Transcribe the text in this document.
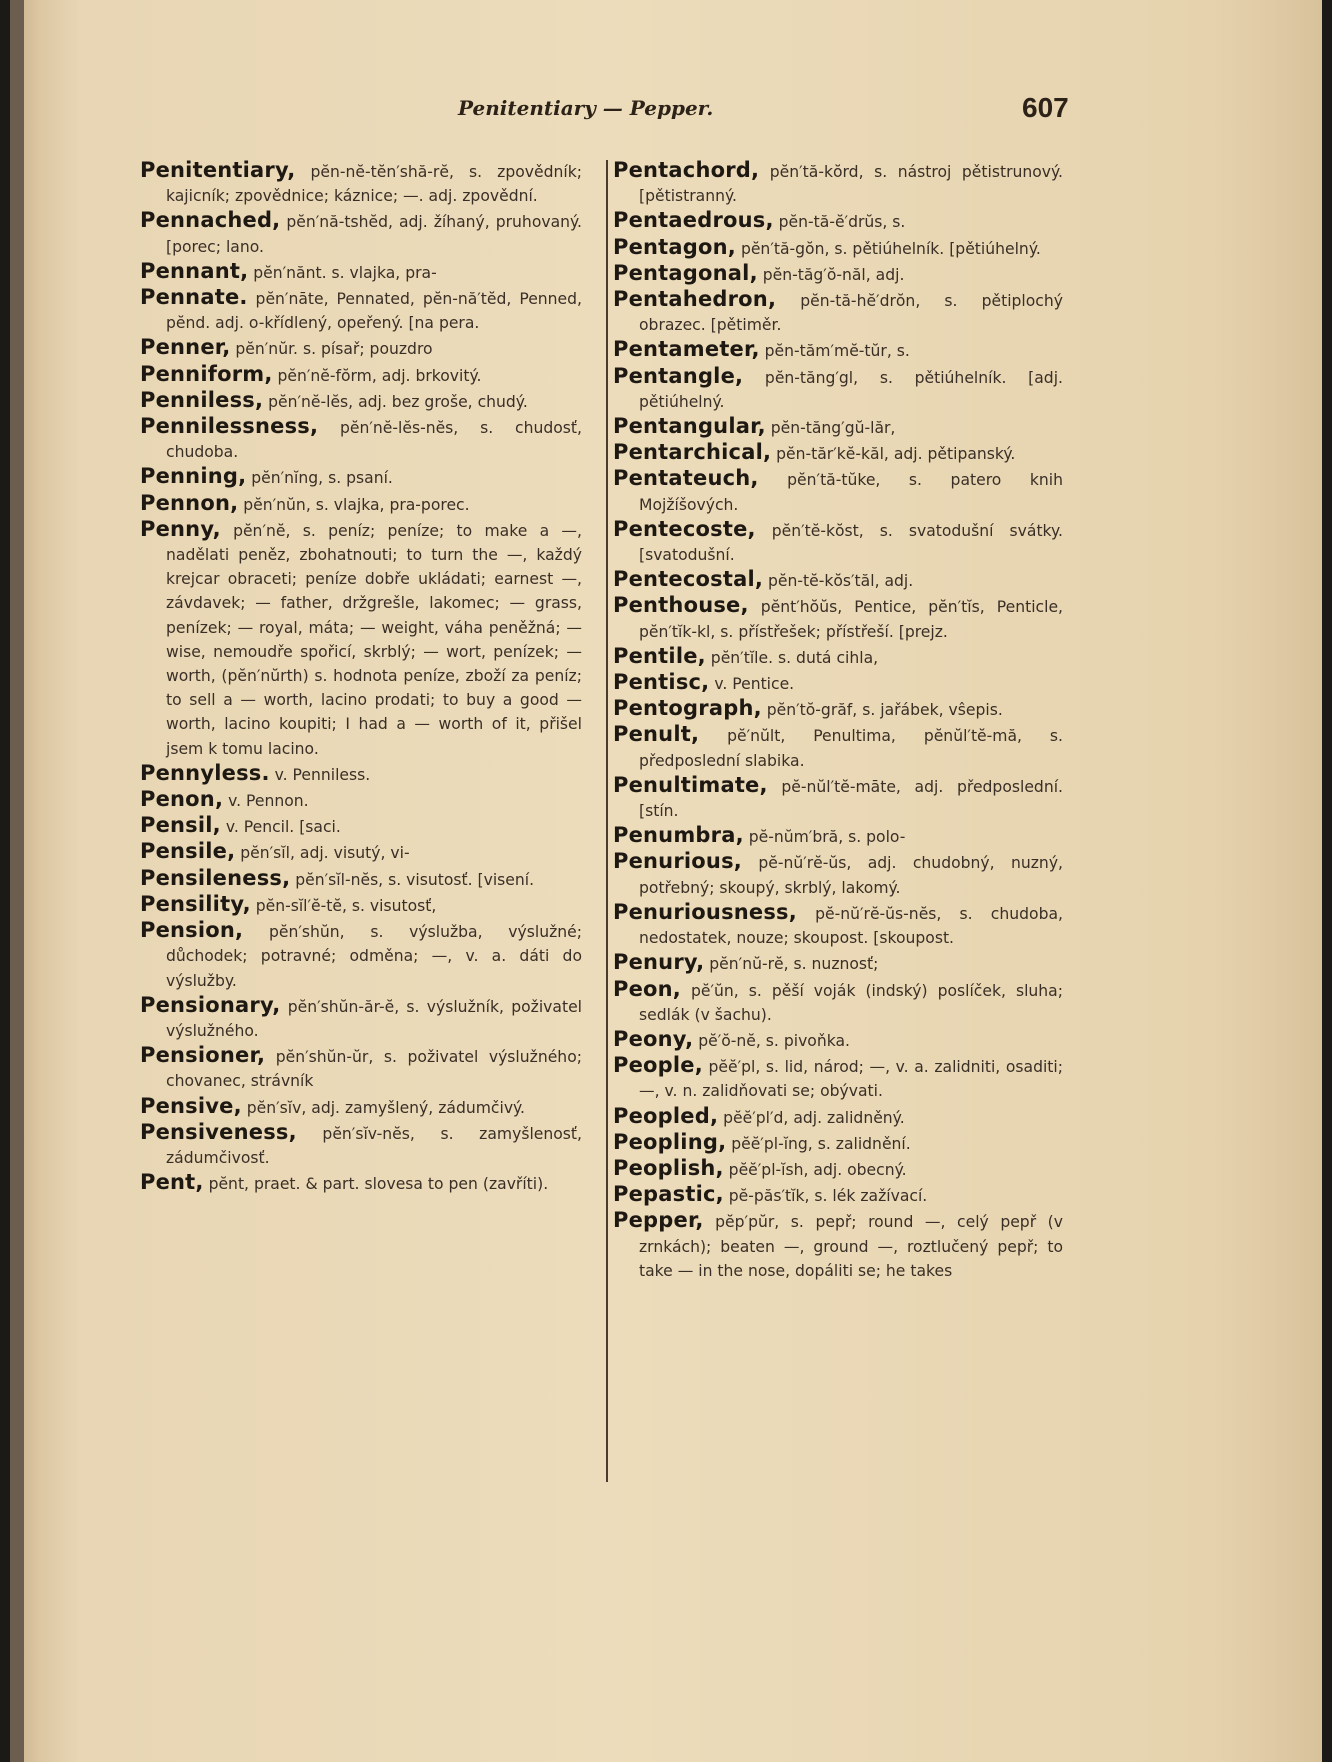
Penitentiary — Pepper.	607

Penitentiary, pĕn-nĕ-tĕn′shă-rĕ, s. zpovědník; kajicník; zpovědnice; káznice; —. adj. zpovědní.

Pennached, pĕn′nă-tshĕd, adj. žíhaný, pruhovaný. [porec; lano.

Pennant, pĕn′nănt. s. vlajka, pra-

Pennate. pĕn′nāte, Pennated, pĕn-nă′tĕd, Penned, pĕnd. adj. o-křídlený, opeřený. [na pera.

Penner, pĕn′nŭr. s. písař; pouzdro

Penniform, pĕn′nĕ-fŏrm, adj. brkovitý.

Penniless, pĕn′nĕ-lĕs, adj. bez groše, chudý.

Pennilessness, pĕn′nĕ-lĕs-nĕs, s. chudosť, chudoba.

Penning, pĕn′nĭng, s. psaní.

Pennon, pĕn′nŭn, s. vlajka, pra-porec.

Penny, pĕn′nĕ, s. peníz; peníze; to make a —, nadělati peněz, zbohatnouti; to turn the —, každý krejcar obraceti; peníze dobře ukládati; earnest —, závdavek; — father, držgrešle, lakomec; — grass, penízek; — royal, máta; — weight, váha peněžná; — wise, nemoudře spořicí, skrblý; — wort, penízek; — worth, (pĕn′nŭrth) s. hodnota peníze, zboží za peníz; to sell a — worth, lacino prodati; to buy a good — worth, lacino koupiti; I had a — worth of it, přišel jsem k tomu lacino.

Pennyless. v. Penniless.

Penon, v. Pennon.

Pensil, v. Pencil. [saci.

Pensile, pĕn′sĭl, adj. visutý, vi-

Pensileness, pĕn′sĭl-nĕs, s. visutosť. [visení.

Pensility, pĕn-sĭl′ĕ-tĕ, s. visutosť,

Pension, pĕn′shŭn, s. výslužba, výslužné; důchodek; potravné; odměna; —, v. a. dáti do výslužby.

Pensionary, pĕn′shŭn-ăr-ĕ, s. výslužník, poživatel výslužného.

Pensioner, pĕn′shŭn-ŭr, s. poživatel výslužného; chovanec, strávník

Pensive, pĕn′sĭv, adj. zamyšlený, zádumčivý.

Pensiveness, pĕn′sĭv-nĕs, s. zamyšlenosť, zádumčivosť.

Pent, pĕnt, praet. & part. slovesa to pen (zavříti).

Pentachord, pĕn′tă-kŏrd, s. nástroj pětistrunový. [pětistranný.

Pentaedrous, pĕn-tă-ĕ′drŭs, s.

Pentagon, pĕn′tă-gŏn, s. pětiúhelník. [pětiúhelný.

Pentagonal, pĕn-tăg′ŏ-năl, adj.

Pentahedron, pĕn-tă-hĕ′drŏn, s. pětiplochý obrazec. [pětiměr.

Pentameter, pĕn-tăm′mĕ-tŭr, s.

Pentangle, pĕn-tăng′gl, s. pětiúhelník. [adj. pětiúhelný.

Pentangular, pĕn-tăng′gŭ-lăr,

Pentarchical, pĕn-tăr′kĕ-kăl, adj. pětipanský.

Pentateuch, pĕn′tă-tŭke, s. patero knih Mojžíšových.

Pentecoste, pĕn′tĕ-kŏst, s. svatodušní svátky. [svatodušní.

Pentecostal, pĕn-tĕ-kŏs′tăl, adj.

Penthouse, pĕnt′hŏŭs, Pentice, pĕn′tĭs, Penticle, pĕn′tĭk-kl, s. přístřešek; přístřeší. [prejz.

Pentile, pĕn′tĭle. s. dutá cihla,

Pentisc, v. Pentice.

Pentograph, pĕn′tŏ-grăf, s. jařábek, vŝepis.

Penult, pĕ′nŭlt, Penultima, pĕnŭl′tĕ-mă, s. předposlední slabika.

Penultimate, pĕ-nŭl′tĕ-māte, adj. předposlední. [stín.

Penumbra, pĕ-nŭm′bră, s. polo-

Penurious, pĕ-nŭ′rĕ-ŭs, adj. chudobný, nuzný, potřebný; skoupý, skrblý, lakomý.

Penuriousness, pĕ-nŭ′rĕ-ŭs-nĕs, s. chudoba, nedostatek, nouze; skoupost. [skoupost.

Penury, pĕn′nŭ-rĕ, s. nuznosť;

Peon, pĕ′ŭn, s. pěší voják (indský) poslíček, sluha; sedlák (v šachu).

Peony, pĕ′ŏ-nĕ, s. pivoňka.

People, pĕĕ′pl, s. lid, národ; —, v. a. zalidniti, osaditi; —, v. n. zalidňovati se; obývati.

Peopled, pĕĕ′pl′d, adj. zalidněný.

Peopling, pĕĕ′pl-ĭng, s. zalidnění.

Peoplish, pĕĕ′pl-ĭsh, adj. obecný.

Pepastic, pĕ-păs′tĭk, s. lék zažívací.

Pepper, pĕp′pŭr, s. pepř; round —, celý pepř (v zrnkách); beaten —, ground —, roztlučený pepř; to take — in the nose, dopáliti se; he takes
